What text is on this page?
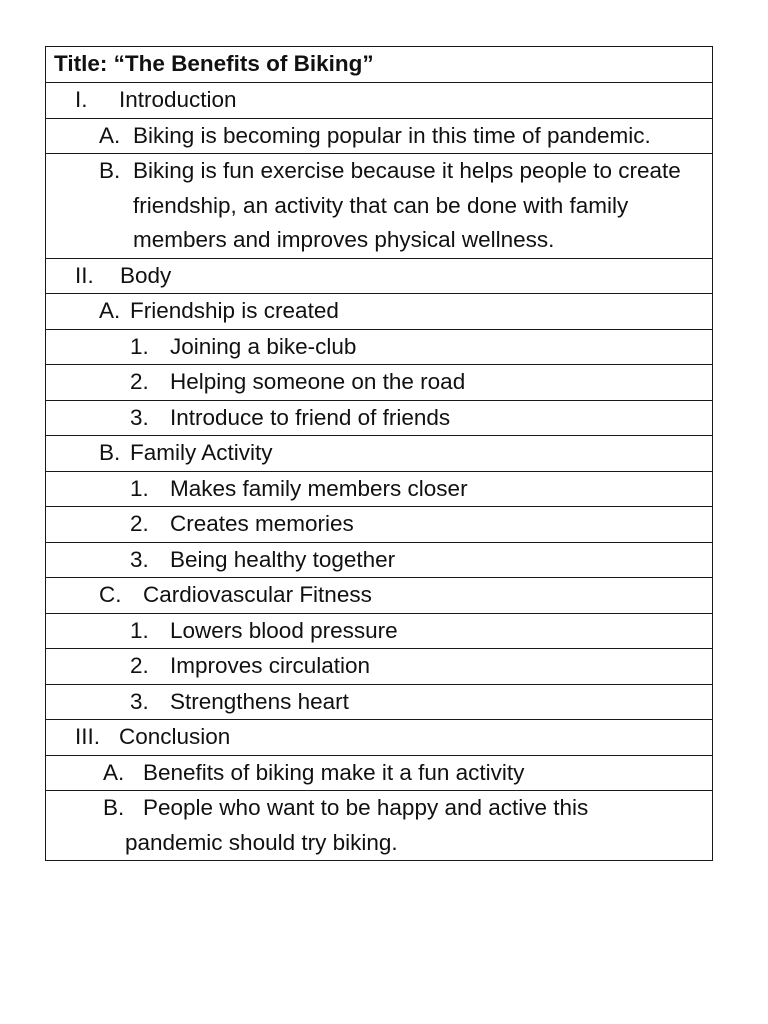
Title: “The Benefits of Biking”

I.	Introduction

A. Biking is becoming popular in this time of pandemic.

B. Biking is fun exercise because it helps people to create friendship, an activity that can be done with family members and improves physical wellness.

II.	Body

A. Friendship is created

1. Joining a bike-club

2. Helping someone on the road

3. Introduce to friend of friends

B. Family Activity

1. Makes family members closer

2. Creates memories

3. Being healthy together

C. Cardiovascular Fitness

1. Lowers blood pressure

2. Improves circulation

3. Strengthens heart

III. Conclusion

A. Benefits of biking make it a fun activity

B. People who want to be happy and active this
pandemic should try biking.
